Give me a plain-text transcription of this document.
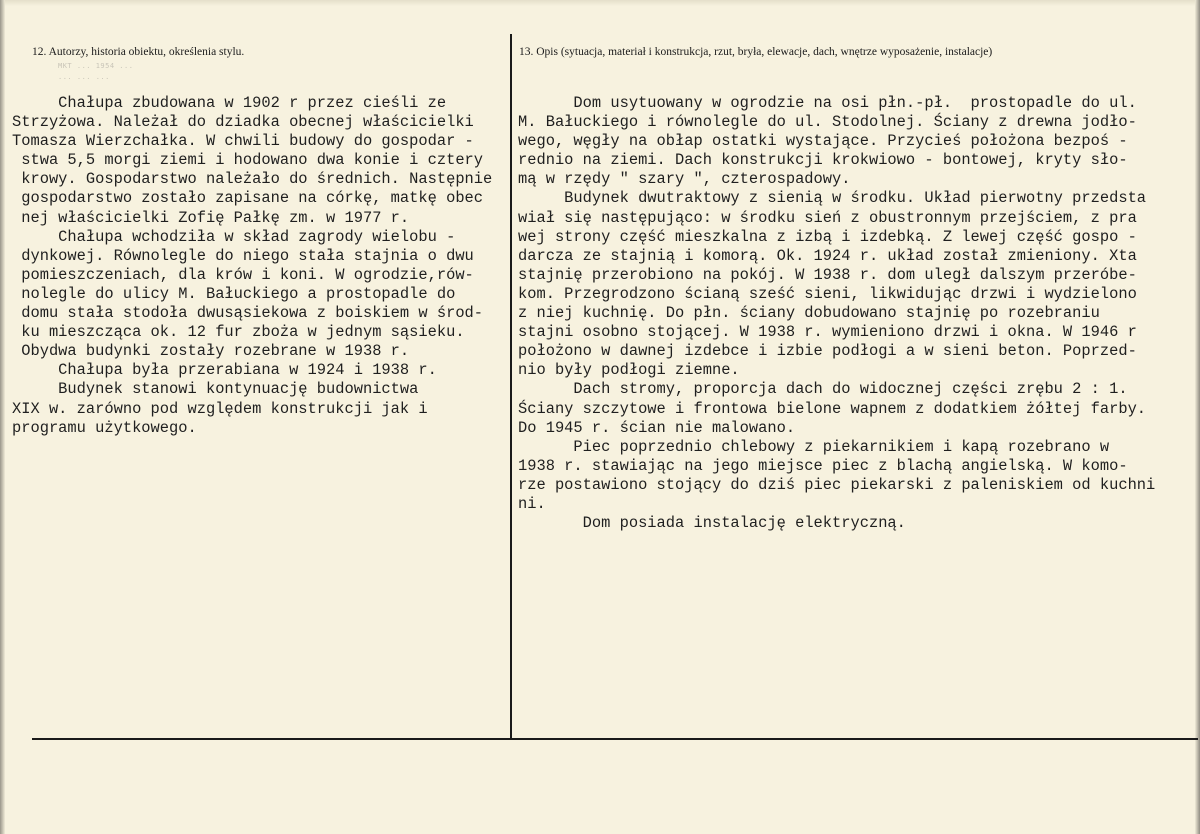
12. Autorzy, historia obiektu, określenia stylu.	13. Opis (sytuacja, materiał i konstrukcja, rzut, bryła, elewacje, dach, wnętrze wyposażenie, instalacje)
MKT ... 1954 ...
... ... ...
Chałupa zbudowana w 1902 r przez cieśli ze
Strzyżowa. Należał do dziadka obecnej właścicielki
Tomasza Wierzchałka. W chwili budowy do gospodar -
stwa 5,5 morgi ziemi i hodowano dwa konie i cztery
krowy. Gospodarstwo należało do średnich. Następnie
gospodarstwo zostało zapisane na córkę, matkę obec
nej właścicielki Zofię Pałkę zm. w 1977 r.
Chałupa wchodziła w skład zagrody wielobu -
dynkowej. Równolegle do niego stała stajnia o dwu
pomieszczeniach, dla krów i koni. W ogrodzie,rów-
nolegle do ulicy M. Bałuckiego a prostopadle do
domu stała stodoła dwusąsiekowa z boiskiem w środ-
ku mieszcząca ok. 12 fur zboża w jednym sąsieku.
Obydwa budynki zostały rozebrane w 1938 r.
Chałupa była przerabiana w 1924 i 1938 r.
Budynek stanowi kontynuację budownictwa
XIX w. zarówno pod względem konstrukcji jak i
programu użytkowego.
Dom usytuowany w ogrodzie na osi płn.-pł.  prostopadle do ul.
M. Bałuckiego i równolegle do ul. Stodolnej. Ściany z drewna jodło-
wego, węgły na obłap ostatki wystające. Przycieś położona bezpoś -
rednio na ziemi. Dach konstrukcji krokwiowo - bontowej, kryty sło-
mą w rzędy " szary ", czterospadowy.
Budynek dwutraktowy z sienią w środku. Układ pierwotny przedsta
wiał się następująco: w środku sień z obustronnym przejściem, z pra
wej strony część mieszkalna z izbą i izdebką. Z lewej część gospo -
darcza ze stajnią i komorą. Ok. 1924 r. układ został zmieniony. Xta
stajnię przerobiono na pokój. W 1938 r. dom uległ dalszym przeróbe-
kom. Przegrodzono ścianą sześć sieni, likwidując drzwi i wydzielono
z niej kuchnię. Do płn. ściany dobudowano stajnię po rozebraniu
stajni osobno stojącej. W 1938 r. wymieniono drzwi i okna. W 1946 r
położono w dawnej izdebce i izbie podłogi a w sieni beton. Poprzed-
nio były podłogi ziemne.
Dach stromy, proporcja dach do widocznej części zrębu 2 : 1.
Ściany szczytowe i frontowa bielone wapnem z dodatkiem żółtej farby.
Do 1945 r. ścian nie malowano.
Piec poprzednio chlebowy z piekarnikiem i kapą rozebrano w
1938 r. stawiając na jego miejsce piec z blachą angielską. W komo-
rze postawiono stojący do dziś piec piekarski z paleniskiem od kuchni
ni.
Dom posiada instalację elektryczną.
